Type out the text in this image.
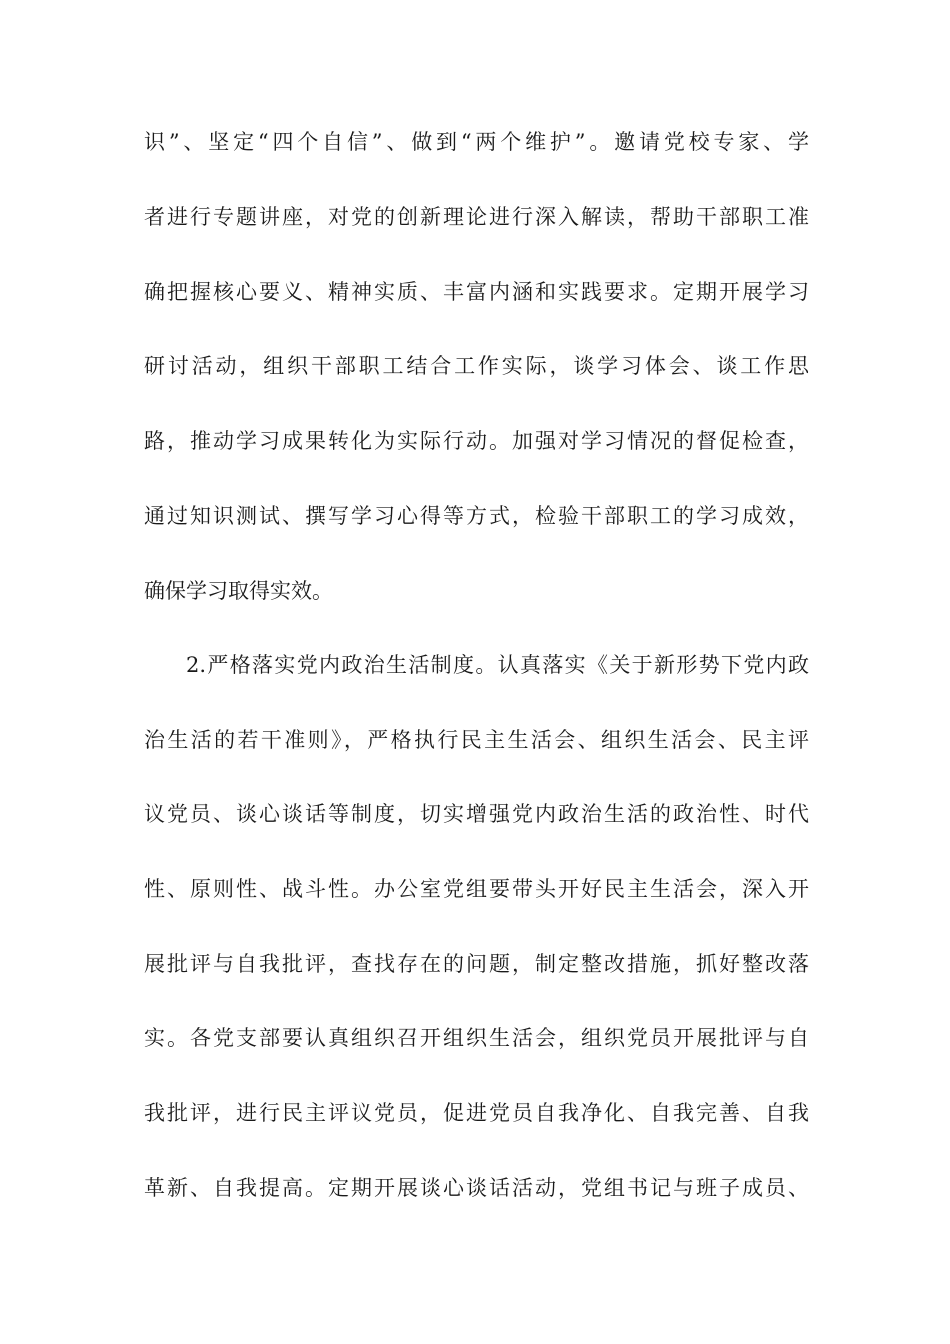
识”、坚定“四个自信”、做到“两个维护”。邀请党校专家、学
者进行专题讲座，对党的创新理论进行深入解读，帮助干部职工准
确把握核心要义、精神实质、丰富内涵和实践要求。定期开展学习
研讨活动，组织干部职工结合工作实际，谈学习体会、谈工作思
路，推动学习成果转化为实际行动。加强对学习情况的督促检查，
通过知识测试、撰写学习心得等方式，检验干部职工的学习成效，
确保学习取得实效。
2.严格落实党内政治生活制度。认真落实《关于新形势下党内政
治生活的若干准则》，严格执行民主生活会、组织生活会、民主评
议党员、谈心谈话等制度，切实增强党内政治生活的政治性、时代
性、原则性、战斗性。办公室党组要带头开好民主生活会，深入开
展批评与自我批评，查找存在的问题，制定整改措施，抓好整改落
实。各党支部要认真组织召开组织生活会，组织党员开展批评与自
我批评，进行民主评议党员，促进党员自我净化、自我完善、自我
革新、自我提高。定期开展谈心谈话活动，党组书记与班子成员、
